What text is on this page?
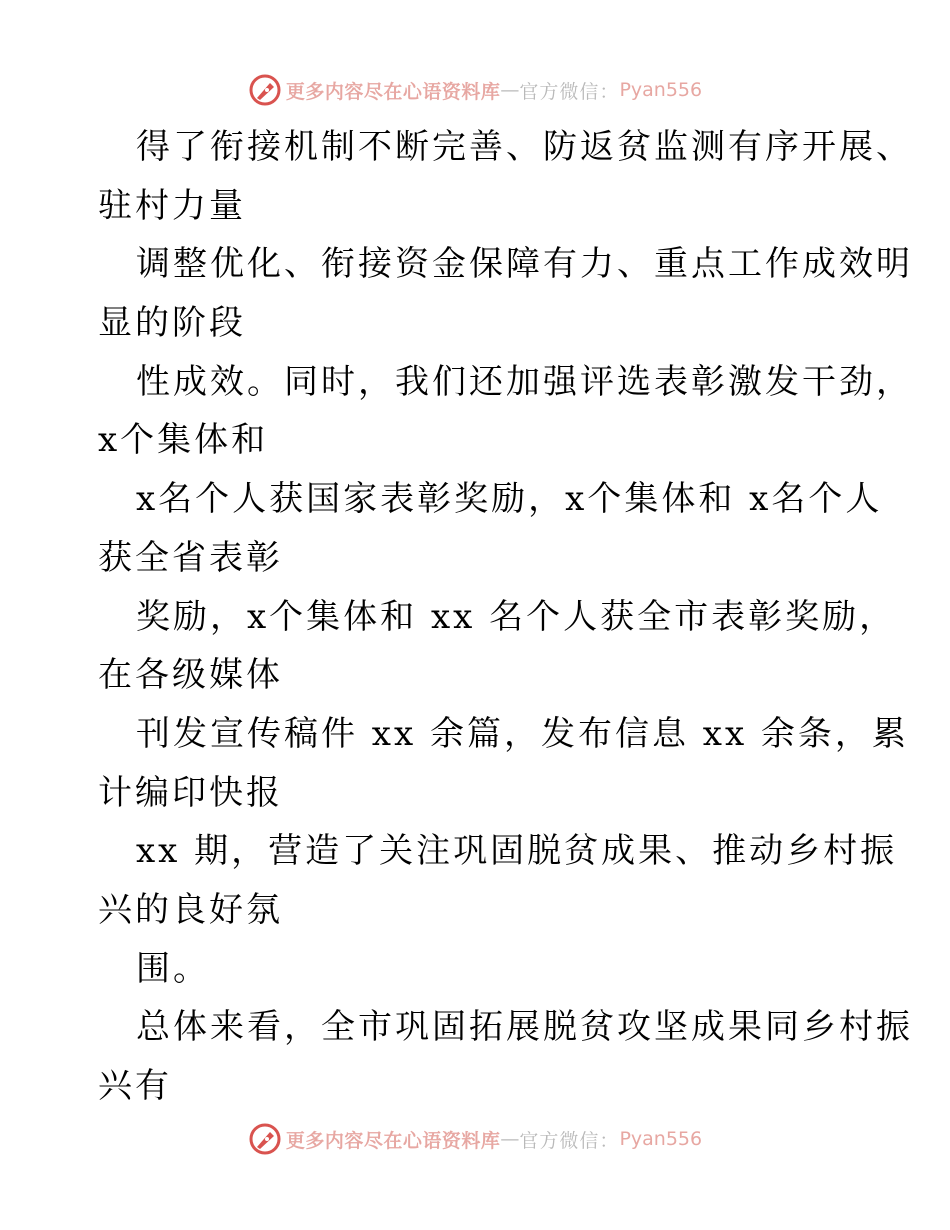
更多内容尽在心语资料库 — 官方微信： Pyan556
得了衔接机制不断完善、防返贫监测有序开展、
驻村力量
调整优化、衔接资金保障有力、重点工作成效明
显的阶段
性成效。同时，我们还加强评选表彰激发干劲，
x个集体和
x名个人获国家表彰奖励，x个集体和 x名个人
获全省表彰
奖励，x个集体和 xx 名个人获全市表彰奖励，
在各级媒体
刊发宣传稿件 xx 余篇，发布信息 xx 余条，累
计编印快报
xx 期，营造了关注巩固脱贫成果、推动乡村振
兴的良好氛
围。
总体来看，全市巩固拓展脱贫攻坚成果同乡村振
兴有
更多内容尽在心语资料库 — 官方微信： Pyan556
